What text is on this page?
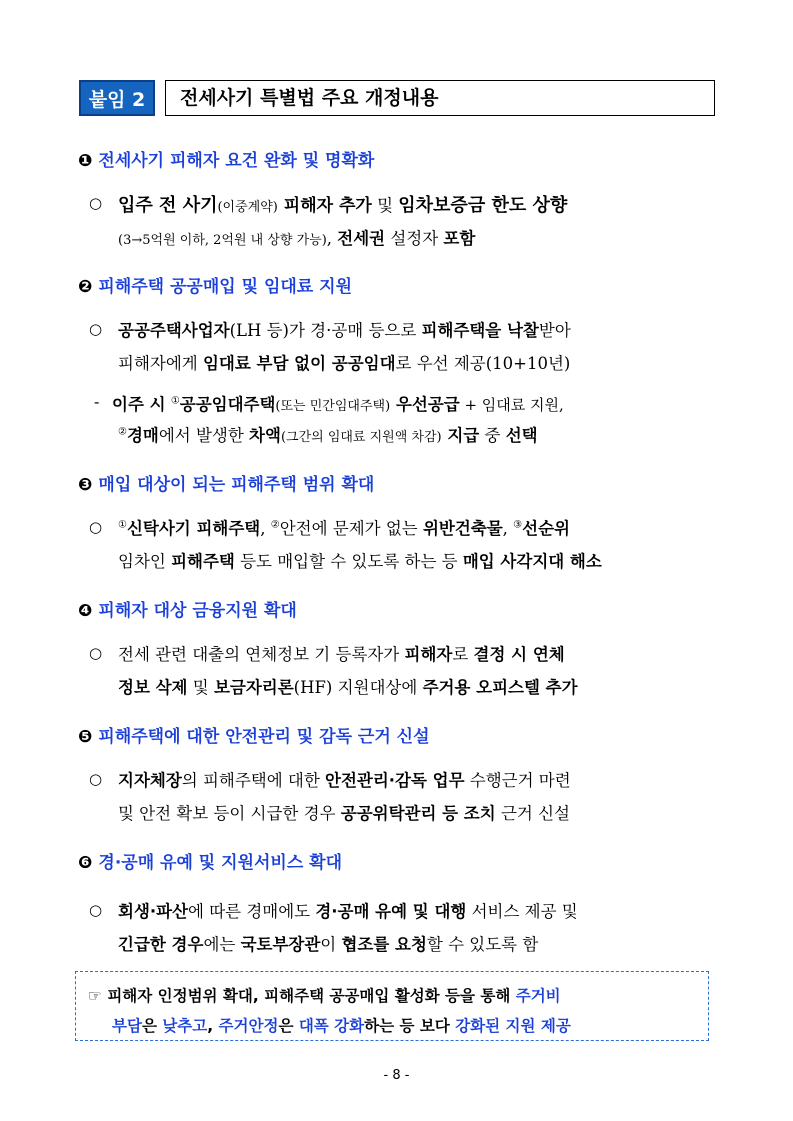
붙임 2	전세사기 특별법 주요 개정내용
❶ 전세사기 피해자 요건 완화 및 명확화
○ 입주 전 사기(이중계약) 피해자 추가 및 임차보증금 한도 상향
(3→5억원 이하, 2억원 내 상향 가능), 전세권 설정자 포함
❷ 피해주택 공공매입 및 임대료 지원
○ 공공주택사업자(LH 등)가 경·공매 등으로 피해주택을 낙찰받아
피해자에게 임대료 부담 없이 공공임대로 우선 제공(10+10년)
- 이주 시 ①공공임대주택(또는 민간임대주택) 우선공급 + 임대료 지원,
②경매에서 발생한 차액(그간의 임대료 지원액 차감) 지급 중 선택
❸ 매입 대상이 되는 피해주택 범위 확대
○ ①신탁사기 피해주택, ②안전에 문제가 없는 위반건축물, ③선순위
임차인 피해주택 등도 매입할 수 있도록 하는 등 매입 사각지대 해소
❹ 피해자 대상 금융지원 확대
○ 전세 관련 대출의 연체정보 기 등록자가 피해자로 결정 시 연체
정보 삭제 및 보금자리론(HF) 지원대상에 주거용 오피스텔 추가
❺ 피해주택에 대한 안전관리 및 감독 근거 신설
○ 지자체장의 피해주택에 대한 안전관리·감독 업무 수행근거 마련
및 안전 확보 등이 시급한 경우 공공위탁관리 등 조치 근거 신설
❻ 경·공매 유예 및 지원서비스 확대
○ 회생·파산에 따른 경매에도 경·공매 유예 및 대행 서비스 제공 및
긴급한 경우에는 국토부장관이 협조를 요청할 수 있도록 함
☞ 피해자 인정범위 확대, 피해주택 공공매입 활성화 등을 통해 주거비
부담은 낮추고, 주거안정은 대폭 강화하는 등 보다 강화된 지원 제공
- 8 -
